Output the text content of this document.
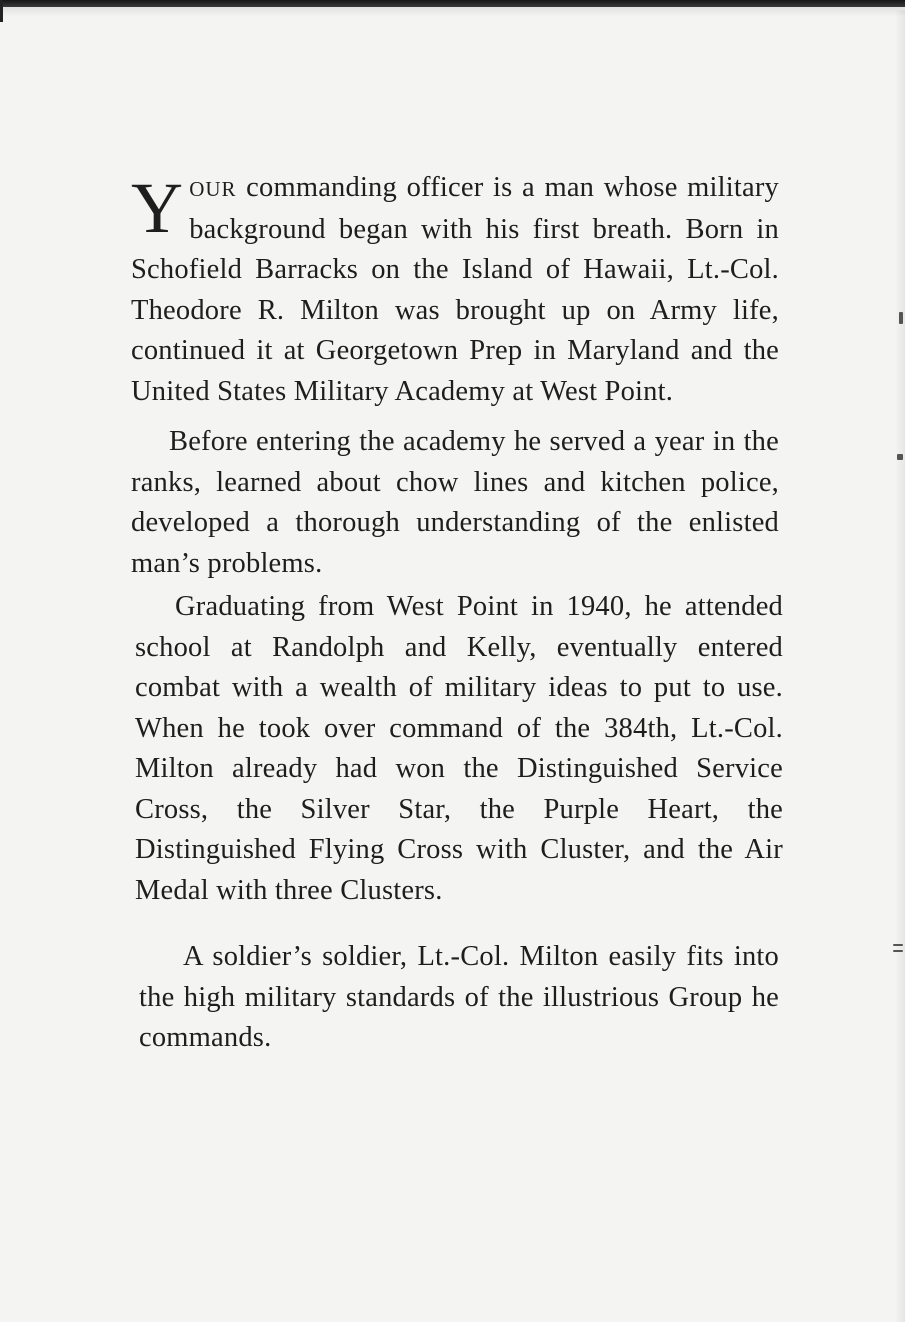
YOUR commanding officer is a man whose military background began with his first breath. Born in Schofield Barracks on the Island of Hawaii, Lt.-Col. Theodore R. Milton was brought up on Army life, continued it at Georgetown Prep in Maryland and the United States Military Academy at West Point.

Before entering the academy he served a year in the ranks, learned about chow lines and kitchen police, developed a thorough understanding of the enlisted man’s problems.

Graduating from West Point in 1940, he attended school at Randolph and Kelly, eventually entered combat with a wealth of military ideas to put to use. When he took over command of the 384th, Lt.-Col. Milton already had won the Distinguished Service Cross, the Silver Star, the Purple Heart, the Distinguished Flying Cross with Cluster, and the Air Medal with three Clusters.

A soldier’s soldier, Lt.-Col. Milton easily fits into the high military standards of the illustrious Group he commands.
